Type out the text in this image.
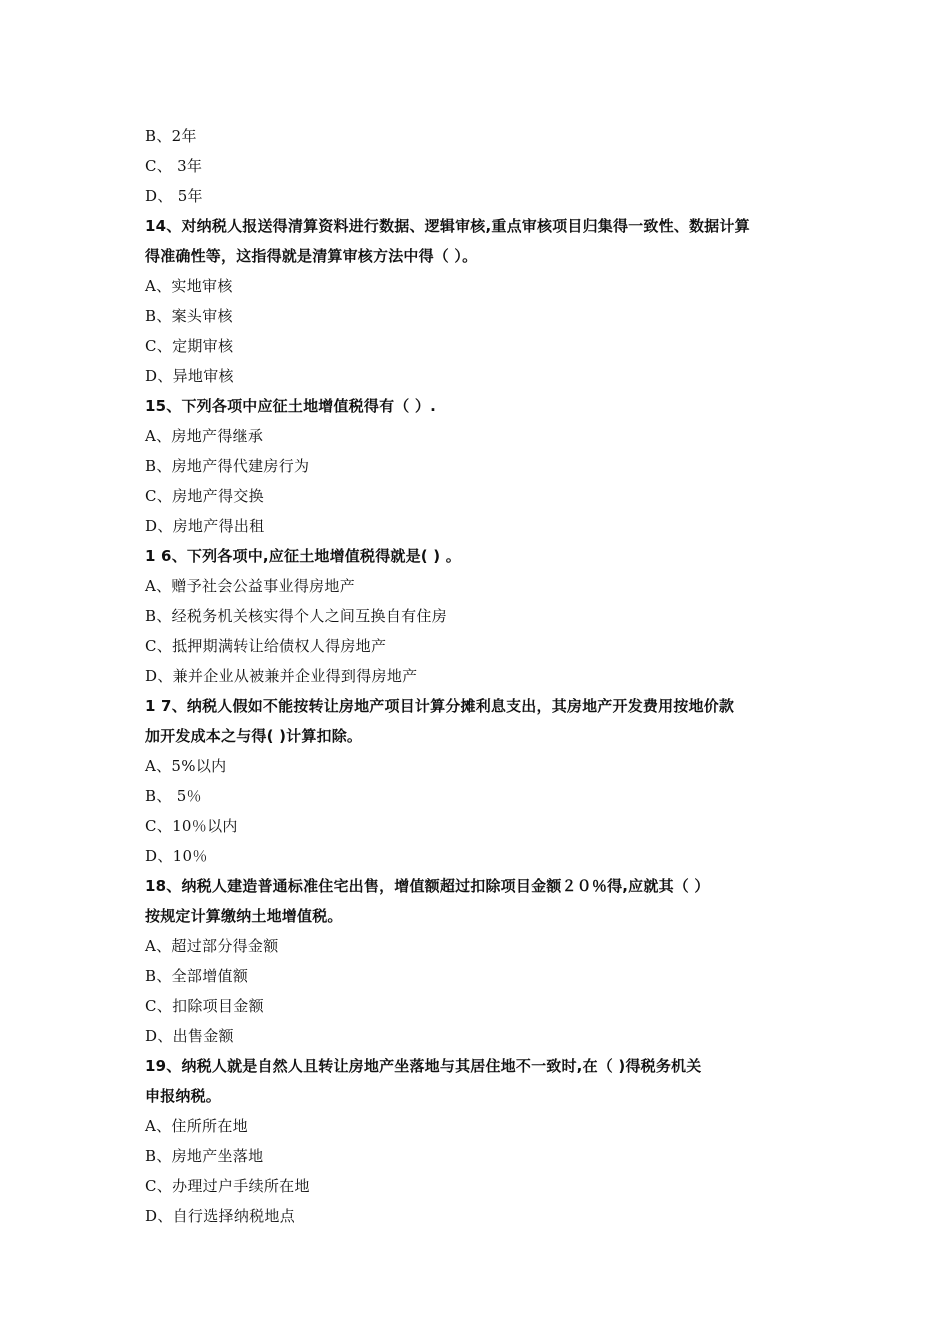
B、2年
C、 3年
D、 5年
14、对纳税人报送得清算资料进行数据、逻辑审核,重点审核项目归集得一致性、数据计算
得准确性等，这指得就是清算审核方法中得（ ）。
A、实地审核
B、案头审核
C、定期审核
D、异地审核
15、下列各项中应征土地增值税得有（ ）.
A、房地产得继承
B、房地产得代建房行为
C、房地产得交换
D、房地产得出租
1 6、下列各项中,应征土地增值税得就是( ) 。
A、赠予社会公益事业得房地产
B、经税务机关核实得个人之间互换自有住房
C、抵押期满转让给债权人得房地产
D、兼并企业从被兼并企业得到得房地产
1 7、纳税人假如不能按转让房地产项目计算分摊利息支出，其房地产开发费用按地价款
加开发成本之与得( )计算扣除。
A、5%以内
B、 5％
C、10％以内
D、10％
18、纳税人建造普通标准住宅出售，增值额超过扣除项目金额２０％得,应就其（ ）
按规定计算缴纳土地增值税。
A、超过部分得金额
B、全部增值额
C、扣除项目金额
D、出售金额
19、纳税人就是自然人且转让房地产坐落地与其居住地不一致时,在（ )得税务机关
申报纳税。
A、住所所在地
B、房地产坐落地
C、办理过户手续所在地
D、自行选择纳税地点
